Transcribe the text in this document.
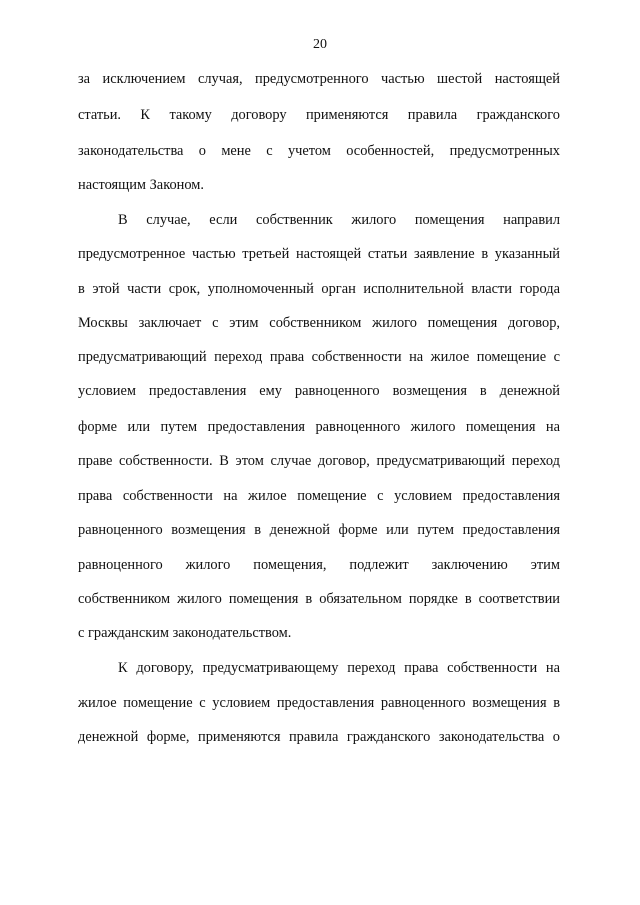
20
за исключением случая, предусмотренного частью шестой настоящей
статьи. К такому договору применяются правила гражданского
законодательства о мене с учетом особенностей, предусмотренных
настоящим Законом.
В случае, если собственник жилого помещения направил
предусмотренное частью третьей настоящей статьи заявление в указанный
в этой части срок, уполномоченный орган исполнительной власти города
Москвы заключает с этим собственником жилого помещения договор,
предусматривающий переход права собственности на жилое помещение с
условием предоставления ему равноценного возмещения в денежной
форме или путем предоставления равноценного жилого помещения на
праве собственности. В этом случае договор, предусматривающий переход
права собственности на жилое помещение с условием предоставления
равноценного возмещения в денежной форме или путем предоставления
равноценного жилого помещения, подлежит заключению этим
собственником жилого помещения в обязательном порядке в соответствии
с гражданским законодательством.
К договору, предусматривающему переход права собственности на
жилое помещение с условием предоставления равноценного возмещения в
денежной форме, применяются правила гражданского законодательства о
